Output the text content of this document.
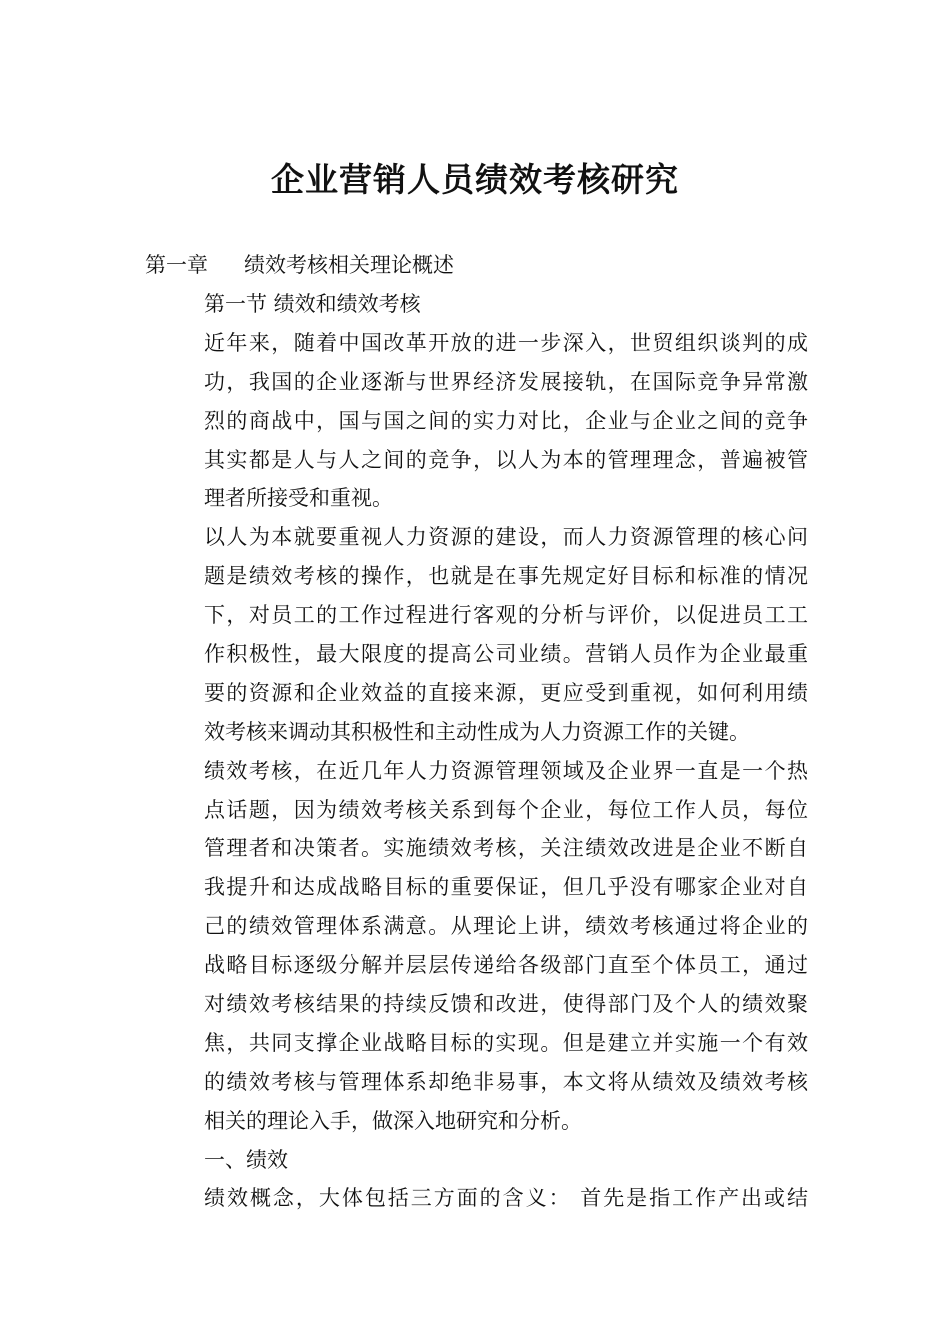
企业营销人员绩效考核研究
第一章 绩效考核相关理论概述
第一节 绩效和绩效考核
近年来，随着中国改革开放的进一步深入，世贸组织谈判的成
功，我国的企业逐渐与世界经济发展接轨，在国际竞争异常激
烈的商战中，国与国之间的实力对比，企业与企业之间的竞争
其实都是人与人之间的竞争，以人为本的管理理念，普遍被管
理者所接受和重视。
以人为本就要重视人力资源的建设，而人力资源管理的核心问
题是绩效考核的操作，也就是在事先规定好目标和标准的情况
下，对员工的工作过程进行客观的分析与评价，以促进员工工
作积极性，最大限度的提高公司业绩。营销人员作为企业最重
要的资源和企业效益的直接来源，更应受到重视，如何利用绩
效考核来调动其积极性和主动性成为人力资源工作的关键。
绩效考核，在近几年人力资源管理领域及企业界一直是一个热
点话题，因为绩效考核关系到每个企业，每位工作人员，每位
管理者和决策者。实施绩效考核，关注绩效改进是企业不断自
我提升和达成战略目标的重要保证，但几乎没有哪家企业对自
己的绩效管理体系满意。从理论上讲，绩效考核通过将企业的
战略目标逐级分解并层层传递给各级部门直至个体员工，通过
对绩效考核结果的持续反馈和改进，使得部门及个人的绩效聚
焦，共同支撑企业战略目标的实现。但是建立并实施一个有效
的绩效考核与管理体系却绝非易事，本文将从绩效及绩效考核
相关的理论入手，做深入地研究和分析。
一、绩效
绩效概念，大体包括三方面的含义： 首先是指工作产出或结
